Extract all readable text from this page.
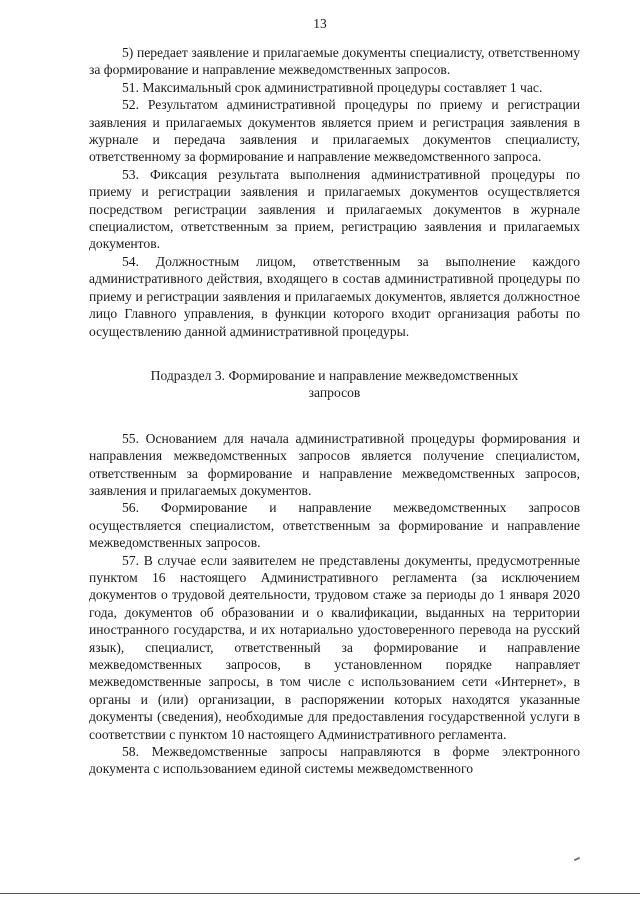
13

5) передает заявление и прилагаемые документы специалисту, ответственному за формирование и направление межведомственных запросов.

51. Максимальный срок административной процедуры составляет 1 час.

52. Результатом административной процедуры по приему и регистрации заявления и прилагаемых документов является прием и регистрация заявления в журнале и передача заявления и прилагаемых документов специалисту, ответственному за формирование и направление межведомственного запроса.

53. Фиксация результата выполнения административной процедуры по приему и регистрации заявления и прилагаемых документов осуществляется посредством регистрации заявления и прилагаемых документов в журнале специалистом, ответственным за прием, регистрацию заявления и прилагаемых документов.

54. Должностным лицом, ответственным за выполнение каждого административного действия, входящего в состав административной процедуры по приему и регистрации заявления и прилагаемых документов, является должностное лицо Главного управления, в функции которого входит организация работы по осуществлению данной административной процедуры.

Подраздел 3. Формирование и направление межведомственных запросов

55. Основанием для начала административной процедуры формирования и направления межведомственных запросов является получение специалистом, ответственным за формирование и направление межведомственных запросов, заявления и прилагаемых документов.

56. Формирование и направление межведомственных запросов осуществляется специалистом, ответственным за формирование и направление межведомственных запросов.

57. В случае если заявителем не представлены документы, предусмотренные пунктом 16 настоящего Административного регламента (за исключением документов о трудовой деятельности, трудовом стаже за периоды до 1 января 2020 года, документов об образовании и о квалификации, выданных на территории иностранного государства, и их нотариально удостоверенного перевода на русский язык), специалист, ответственный за формирование и направление межведомственных запросов, в установленном порядке направляет межведомственные запросы, в том числе с использованием сети «Интернет», в органы и (или) организации, в распоряжении которых находятся указанные документы (сведения), необходимые для предоставления государственной услуги в соответствии с пунктом 10 настоящего Административного регламента.

58. Межведомственные запросы направляются в форме электронного документа с использованием единой системы межведомственного
